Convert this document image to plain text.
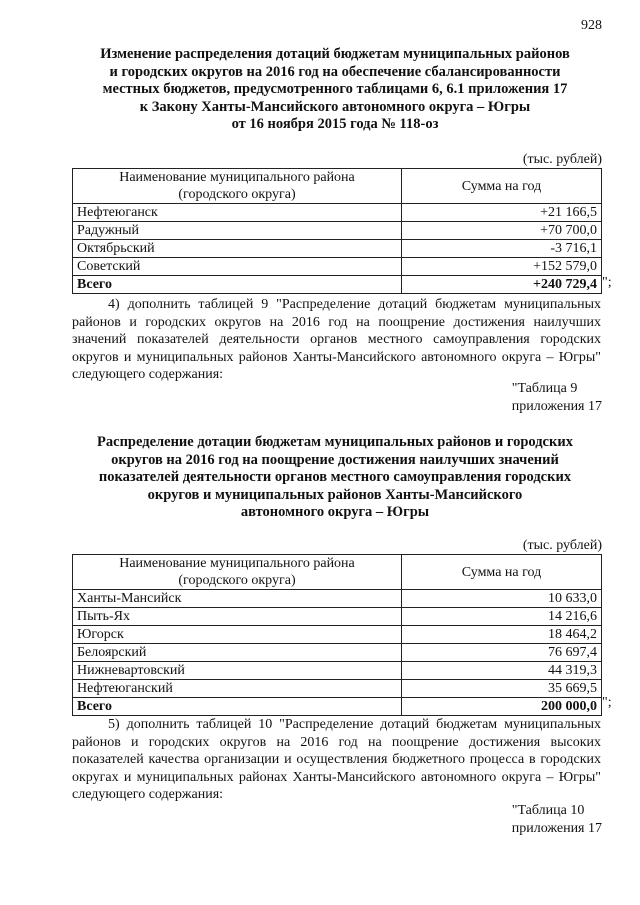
928
Изменение распределения дотаций бюджетам муниципальных районов
и городских округов на 2016 год на обеспечение сбалансированности
местных бюджетов, предусмотренного таблицами 6, 6.1 приложения 17
к Закону Ханты-Мансийского автономного округа – Югры
от 16 ноября 2015 года № 118-оз
(тыс. рублей)
Наименование муниципального района (городского округа)	Сумма на год
Нефтеюганск	+21 166,5
Радужный	+70 700,0
Октябрьский	-3 716,1
Советский	+152 579,0
Всего	+240 729,4 ";
4) дополнить таблицей 9 "Распределение дотаций бюджетам муниципальных районов и городских округов на 2016 год на поощрение достижения наилучших значений показателей деятельности органов местного самоуправления городских округов и муниципальных районов Ханты-Мансийского автономного округа – Югры" следующего содержания:
"Таблица 9
приложения 17
Распределение дотации бюджетам муниципальных районов и городских
округов на 2016 год на поощрение достижения наилучших значений
показателей деятельности органов местного самоуправления городских
округов и муниципальных районов Ханты-Мансийского
автономного округа – Югры
(тыс. рублей)
Наименование муниципального района (городского округа)	Сумма на год
Ханты-Мансийск	10 633,0
Пыть-Ях	14 216,6
Югорск	18 464,2
Белоярский	76 697,4
Нижневартовский	44 319,3
Нефтеюганский	35 669,5
Всего	200 000,0 ";
5) дополнить таблицей 10 "Распределение дотаций бюджетам муниципальных районов и городских округов на 2016 год на поощрение достижения высоких показателей качества организации и осуществления бюджетного процесса в городских округах и муниципальных районах Ханты-Мансийского автономного округа – Югры" следующего содержания:
"Таблица 10
приложения 17
